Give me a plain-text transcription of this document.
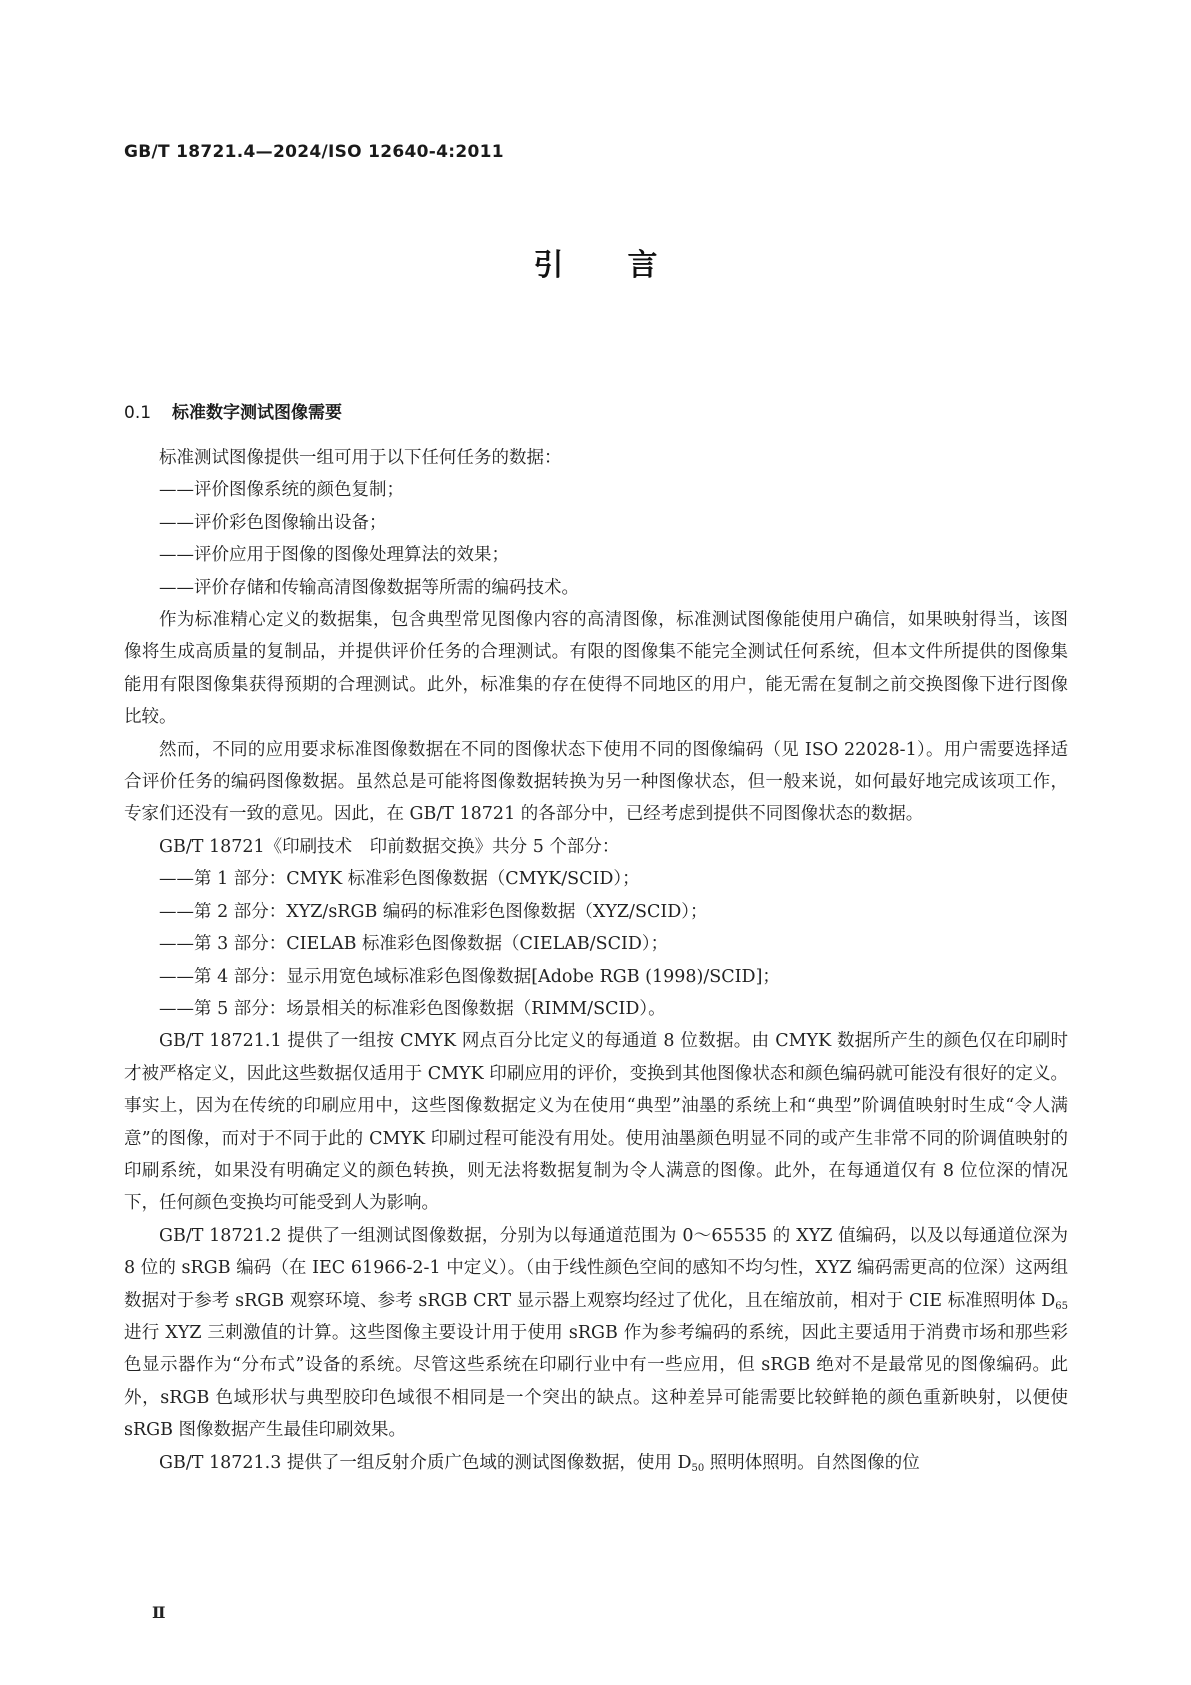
GB/T 18721.4—2024/ISO 12640-4:2011
引言
0.1 标准数字测试图像需要

标准测试图像提供一组可用于以下任何任务的数据：

——评价图像系统的颜色复制；

——评价彩色图像输出设备；

——评价应用于图像的图像处理算法的效果；

——评价存储和传输高清图像数据等所需的编码技术。

作为标准精心定义的数据集，包含典型常见图像内容的高清图像，标准测试图像能使用户确信，如果映射得当，该图像将生成高质量的复制品，并提供评价任务的合理测试。有限的图像集不能完全测试任何系统，但本文件所提供的图像集能用有限图像集获得预期的合理测试。此外，标准集的存在使得不同地区的用户，能无需在复制之前交换图像下进行图像比较。

然而，不同的应用要求标准图像数据在不同的图像状态下使用不同的图像编码（见 ISO 22028-1）。用户需要选择适合评价任务的编码图像数据。虽然总是可能将图像数据转换为另一种图像状态，但一般来说，如何最好地完成该项工作，专家们还没有一致的意见。因此，在 GB/T 18721 的各部分中，已经考虑到提供不同图像状态的数据。

GB/T 18721《印刷技术　印前数据交换》共分 5 个部分：

——第 1 部分：CMYK 标准彩色图像数据（CMYK/SCID）；

——第 2 部分：XYZ/sRGB 编码的标准彩色图像数据（XYZ/SCID）；

——第 3 部分：CIELAB 标准彩色图像数据（CIELAB/SCID）；

——第 4 部分：显示用宽色域标准彩色图像数据[Adobe RGB (1998)/SCID]；

——第 5 部分：场景相关的标准彩色图像数据（RIMM/SCID）。

GB/T 18721.1 提供了一组按 CMYK 网点百分比定义的每通道 8 位数据。由 CMYK 数据所产生的颜色仅在印刷时才被严格定义，因此这些数据仅适用于 CMYK 印刷应用的评价，变换到其他图像状态和颜色编码就可能没有很好的定义。事实上，因为在传统的印刷应用中，这些图像数据定义为在使用“典型”油墨的系统上和“典型”阶调值映射时生成“令人满意”的图像，而对于不同于此的 CMYK 印刷过程可能没有用处。使用油墨颜色明显不同的或产生非常不同的阶调值映射的印刷系统，如果没有明确定义的颜色转换，则无法将数据复制为令人满意的图像。此外，在每通道仅有 8 位位深的情况下，任何颜色变换均可能受到人为影响。

GB/T 18721.2 提供了一组测试图像数据，分别为以每通道范围为 0～65535 的 XYZ 值编码，以及以每通道位深为 8 位的 sRGB 编码（在 IEC 61966-2-1 中定义）。（由于线性颜色空间的感知不均匀性，XYZ 编码需更高的位深）这两组数据对于参考 sRGB 观察环境、参考 sRGB CRT 显示器上观察均经过了优化，且在缩放前，相对于 CIE 标准照明体 $D_{65}$进行 XYZ 三刺激值的计算。这些图像主要设计用于使用 sRGB 作为参考编码的系统，因此主要适用于消费市场和那些彩色显示器作为“分布式”设备的系统。尽管这些系统在印刷行业中有一些应用，但 sRGB 绝对不是最常见的图像编码。此外，sRGB 色域形状与典型胶印色域很不相同是一个突出的缺点。这种差异可能需要比较鲜艳的颜色重新映射，以便使 sRGB 图像数据产生最佳印刷效果。

GB/T 18721.3 提供了一组反射介质广色域的测试图像数据，使用 $D_{50}$ 照明体照明。自然图像的位

Ⅱ
